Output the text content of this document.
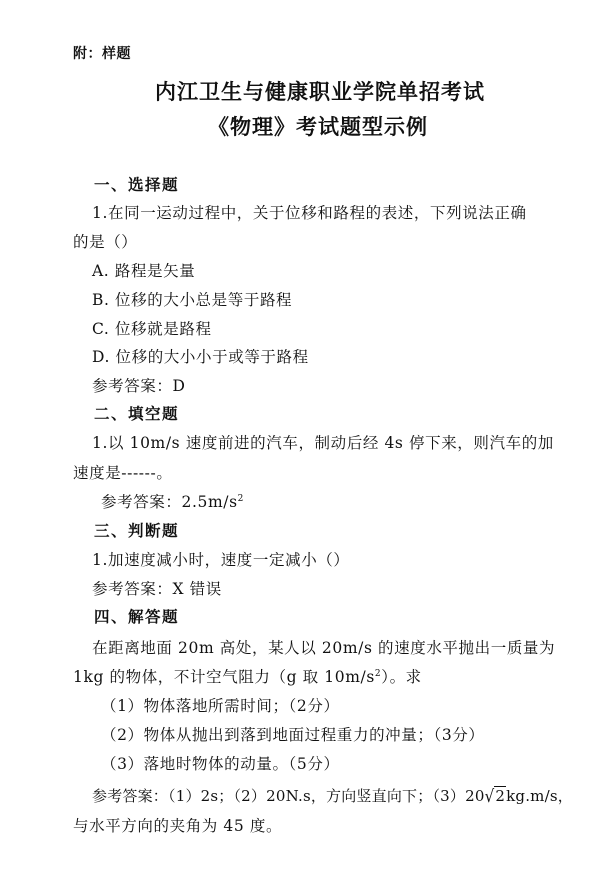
附：样题
内江卫生与健康职业学院单招考试
《物理》考试题型示例
一、选择题
1.在同一运动过程中，关于位移和路程的表述，下列说法正确
的是（）
A. 路程是矢量
B. 位移的大小总是等于路程
C. 位移就是路程
D. 位移的大小小于或等于路程
参考答案：D
二、填空题
1.以 10m/s 速度前进的汽车，制动后经 4s 停下来，则汽车的加
速度是------。
参考答案：$2.5m/s^2$
三、判断题
1.加速度减小时，速度一定减小（）
参考答案：X 错误
四、解答题
在距离地面 20m 高处，某人以 20m/s 的速度水平抛出一质量为
1kg 的物体，不计空气阻力（g 取 $10m/s^2$）。求
（1）物体落地所需时间；（2分）
（2）物体从抛出到落到地面过程重力的冲量；（3分）
（3）落地时物体的动量。（5分）
参考答案：（1）2s；（2）20N.s，方向竖直向下；（3）20√2kg.m/s，
与水平方向的夹角为 45 度。
